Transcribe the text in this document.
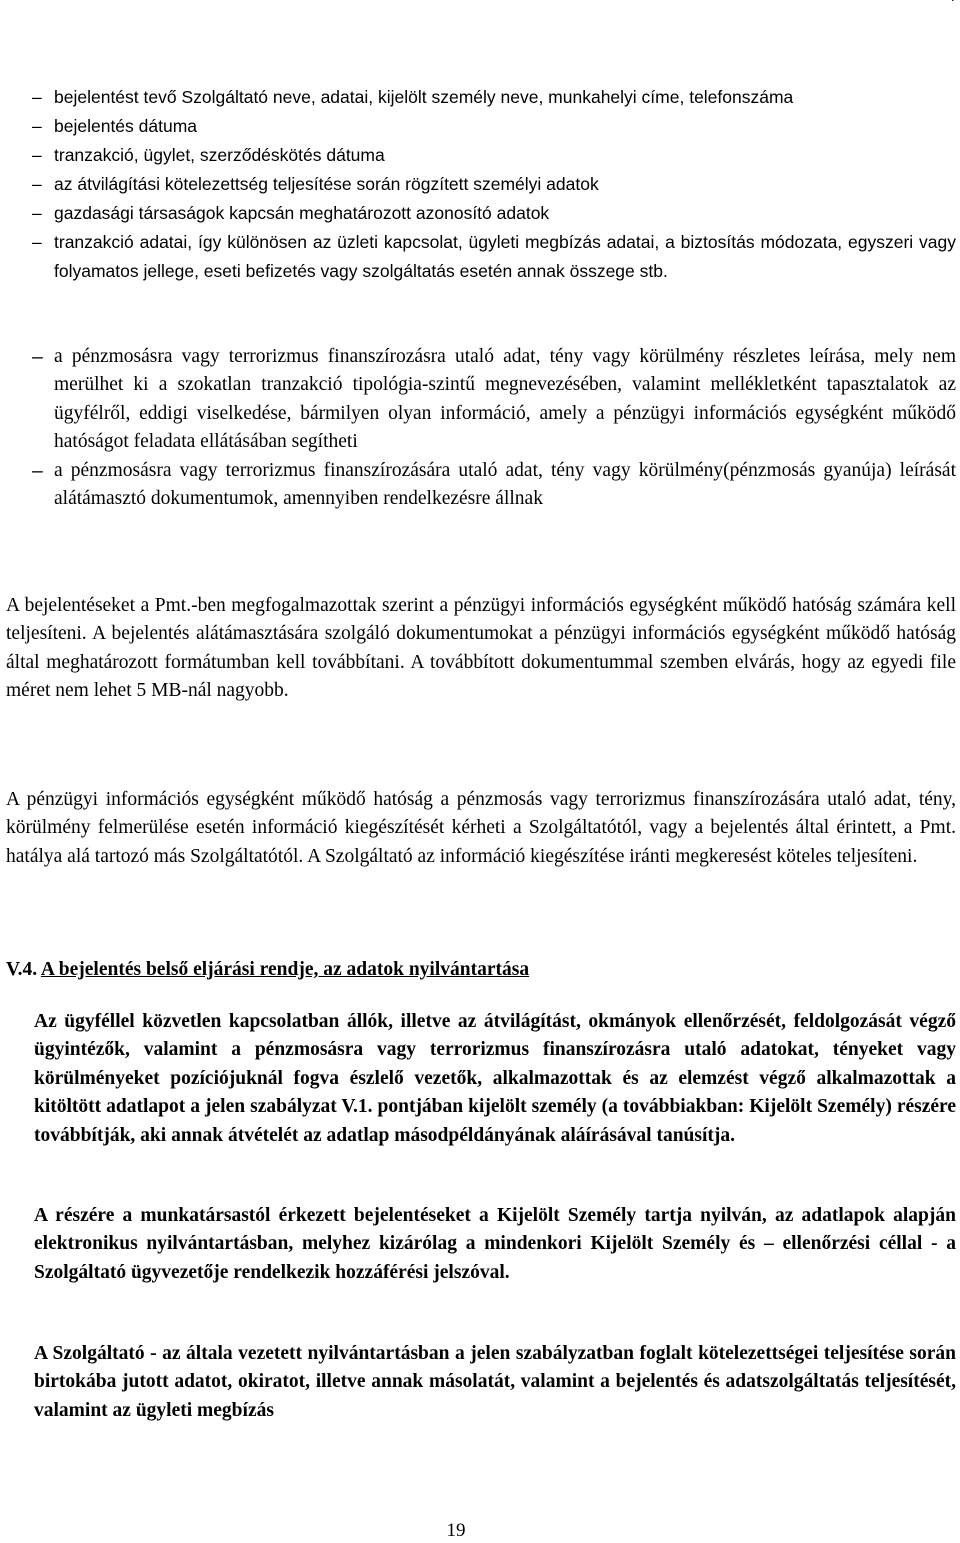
– bejelentést tevő Szolgáltató neve, adatai, kijelölt személy neve, munkahelyi címe, telefonszáma
– bejelentés dátuma
– tranzakció, ügylet, szerződéskötés dátuma
– az átvilágítási kötelezettség teljesítése során rögzített személyi adatok
– gazdasági társaságok kapcsán meghatározott azonosító adatok
– tranzakció adatai, így különösen az üzleti kapcsolat, ügyleti megbízás adatai, a biztosítás módozata, egyszeri vagy folyamatos jellege, eseti befizetés vagy szolgáltatás esetén annak összege stb.
– a pénzmosásra vagy terrorizmus finanszírozásra utaló adat, tény vagy körülmény részletes leírása, mely nem merülhet ki a szokatlan tranzakció tipológia-szintű megnevezésében, valamint mellékletként tapasztalatok az ügyfélről, eddigi viselkedése, bármilyen olyan információ, amely a pénzügyi információs egységként működő hatóságot feladata ellátásában segítheti
– a pénzmosásra vagy terrorizmus finanszírozására utaló adat, tény vagy körülmény(pénzmosás gyanúja) leírását alátámasztó dokumentumok, amennyiben rendelkezésre állnak

A bejelentéseket a Pmt.-ben megfogalmazottak szerint a pénzügyi információs egységként működő hatóság számára kell teljesíteni. A bejelentés alátámasztására szolgáló dokumentumokat a pénzügyi információs egységként működő hatóság által meghatározott formátumban kell továbbítani. A továbbított dokumentummal szemben elvárás, hogy az egyedi file méret nem lehet 5 MB-nál nagyobb.

A pénzügyi információs egységként működő hatóság a pénzmosás vagy terrorizmus finanszírozására utaló adat, tény, körülmény felmerülése esetén információ kiegészítését kérheti a Szolgáltatótól, vagy a bejelentés által érintett, a Pmt. hatálya alá tartozó más Szolgáltatótól. A Szolgáltató az információ kiegészítése iránti megkeresést köteles teljesíteni.

V.4. A bejelentés belső eljárási rendje, az adatok nyilvántartása

Az ügyféllel közvetlen kapcsolatban állók, illetve az átvilágítást, okmányok ellenőrzését, feldolgozását végző ügyintézők, valamint a pénzmosásra vagy terrorizmus finanszírozásra utaló adatokat, tényeket vagy körülményeket pozíciójuknál fogva észlelő vezetők, alkalmazottak és az elemzést végző alkalmazottak a kitöltött adatlapot a jelen szabályzat V.1. pontjában kijelölt személy (a továbbiakban: Kijelölt Személy) részére továbbítják, aki annak átvételét az adatlap másodpéldányának aláírásával tanúsítja.

A részére a munkatársastól érkezett bejelentéseket a Kijelölt Személy tartja nyilván, az adatlapok alapján elektronikus nyilvántartásban, melyhez kizárólag a mindenkori Kijelölt Személy és – ellenőrzési céllal - a Szolgáltató ügyvezetője rendelkezik hozzáférési jelszóval.

A Szolgáltató - az általa vezetett nyilvántartásban a jelen szabályzatban foglalt kötelezettségei teljesítése során birtokába jutott adatot, okiratot, illetve annak másolatát, valamint a bejelentés és adatszolgáltatás teljesítését, valamint az ügyleti megbízás

19
